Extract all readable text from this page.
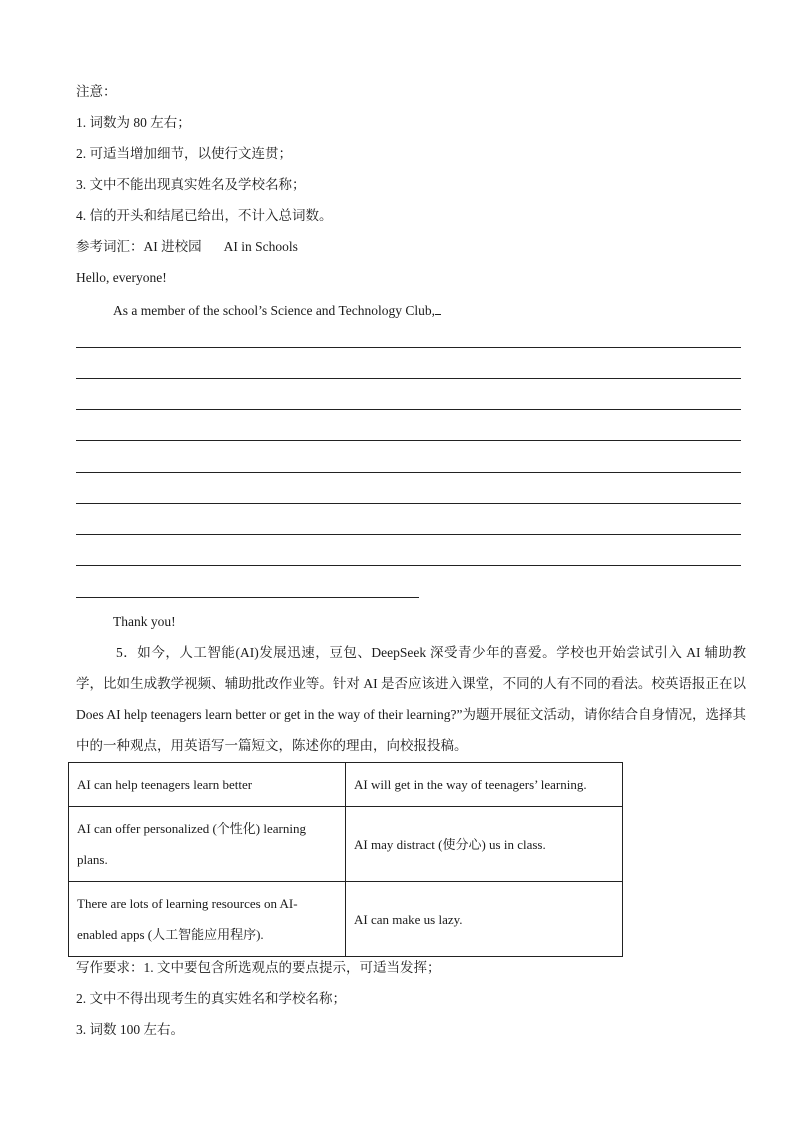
注意：
1. 词数为 80 左右；
2. 可适当增加细节，以使行文连贯；
3. 文中不能出现真实姓名及学校名称；
4. 信的开头和结尾已给出，不计入总词数。
参考词汇：AI 进校园 AI in Schools
Hello, everyone!
As a member of the school’s Science and Technology Club,
Thank you!
5．如今，人工智能(AI)发展迅速，豆包、DeepSeek 深受青少年的喜爱。学校也开始尝试引入 AI 辅助教学，比如生成教学视频、辅助批改作业等。针对 AI 是否应该进入课堂，不同的人有不同的看法。校英语报正在以Does AI help teenagers learn better or get in the way of their learning?”为题开展征文活动，请你结合自身情况，选择其中的一种观点，用英语写一篇短文，陈述你的理由，向校报投稿。
AI can help teenagers learn better	AI will get in the way of teenagers’ learning.
AI can offer personalized (个性化) learning plans.	AI may distract (使分心) us in class.
There are lots of learning resources on AI-enabled apps (人工智能应用程序).	AI can make us lazy.
写作要求：1. 文中要包含所选观点的要点提示，可适当发挥；
2. 文中不得出现考生的真实姓名和学校名称；
3. 词数 100 左右。
